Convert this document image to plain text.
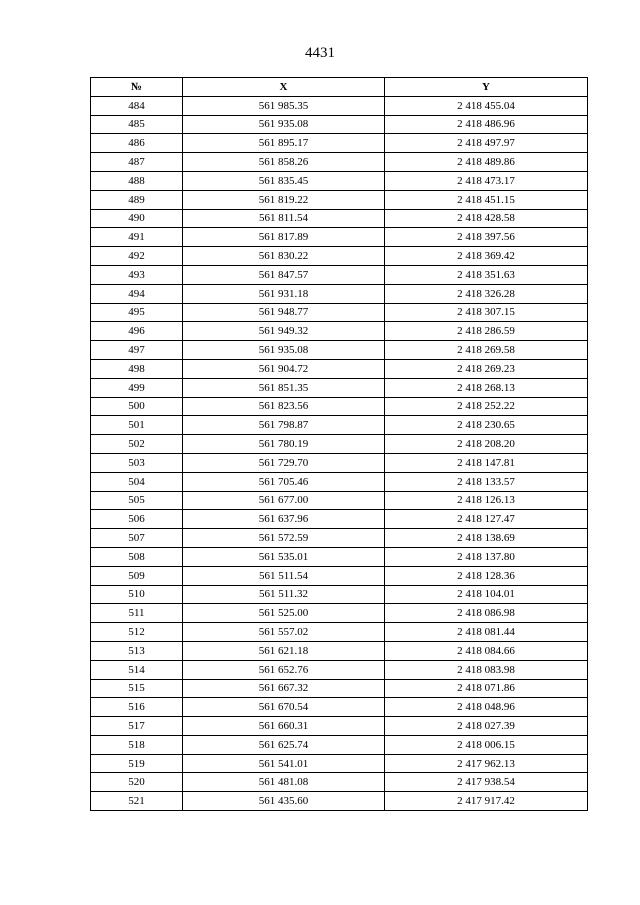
4431
№	X	Y
484	561 985.35	2 418 455.04
485	561 935.08	2 418 486.96
486	561 895.17	2 418 497.97
487	561 858.26	2 418 489.86
488	561 835.45	2 418 473.17
489	561 819.22	2 418 451.15
490	561 811.54	2 418 428.58
491	561 817.89	2 418 397.56
492	561 830.22	2 418 369.42
493	561 847.57	2 418 351.63
494	561 931.18	2 418 326.28
495	561 948.77	2 418 307.15
496	561 949.32	2 418 286.59
497	561 935.08	2 418 269.58
498	561 904.72	2 418 269.23
499	561 851.35	2 418 268.13
500	561 823.56	2 418 252.22
501	561 798.87	2 418 230.65
502	561 780.19	2 418 208.20
503	561 729.70	2 418 147.81
504	561 705.46	2 418 133.57
505	561 677.00	2 418 126.13
506	561 637.96	2 418 127.47
507	561 572.59	2 418 138.69
508	561 535.01	2 418 137.80
509	561 511.54	2 418 128.36
510	561 511.32	2 418 104.01
511	561 525.00	2 418 086.98
512	561 557.02	2 418 081.44
513	561 621.18	2 418 084.66
514	561 652.76	2 418 083.98
515	561 667.32	2 418 071.86
516	561 670.54	2 418 048.96
517	561 660.31	2 418 027.39
518	561 625.74	2 418 006.15
519	561 541.01	2 417 962.13
520	561 481.08	2 417 938.54
521	561 435.60	2 417 917.42
